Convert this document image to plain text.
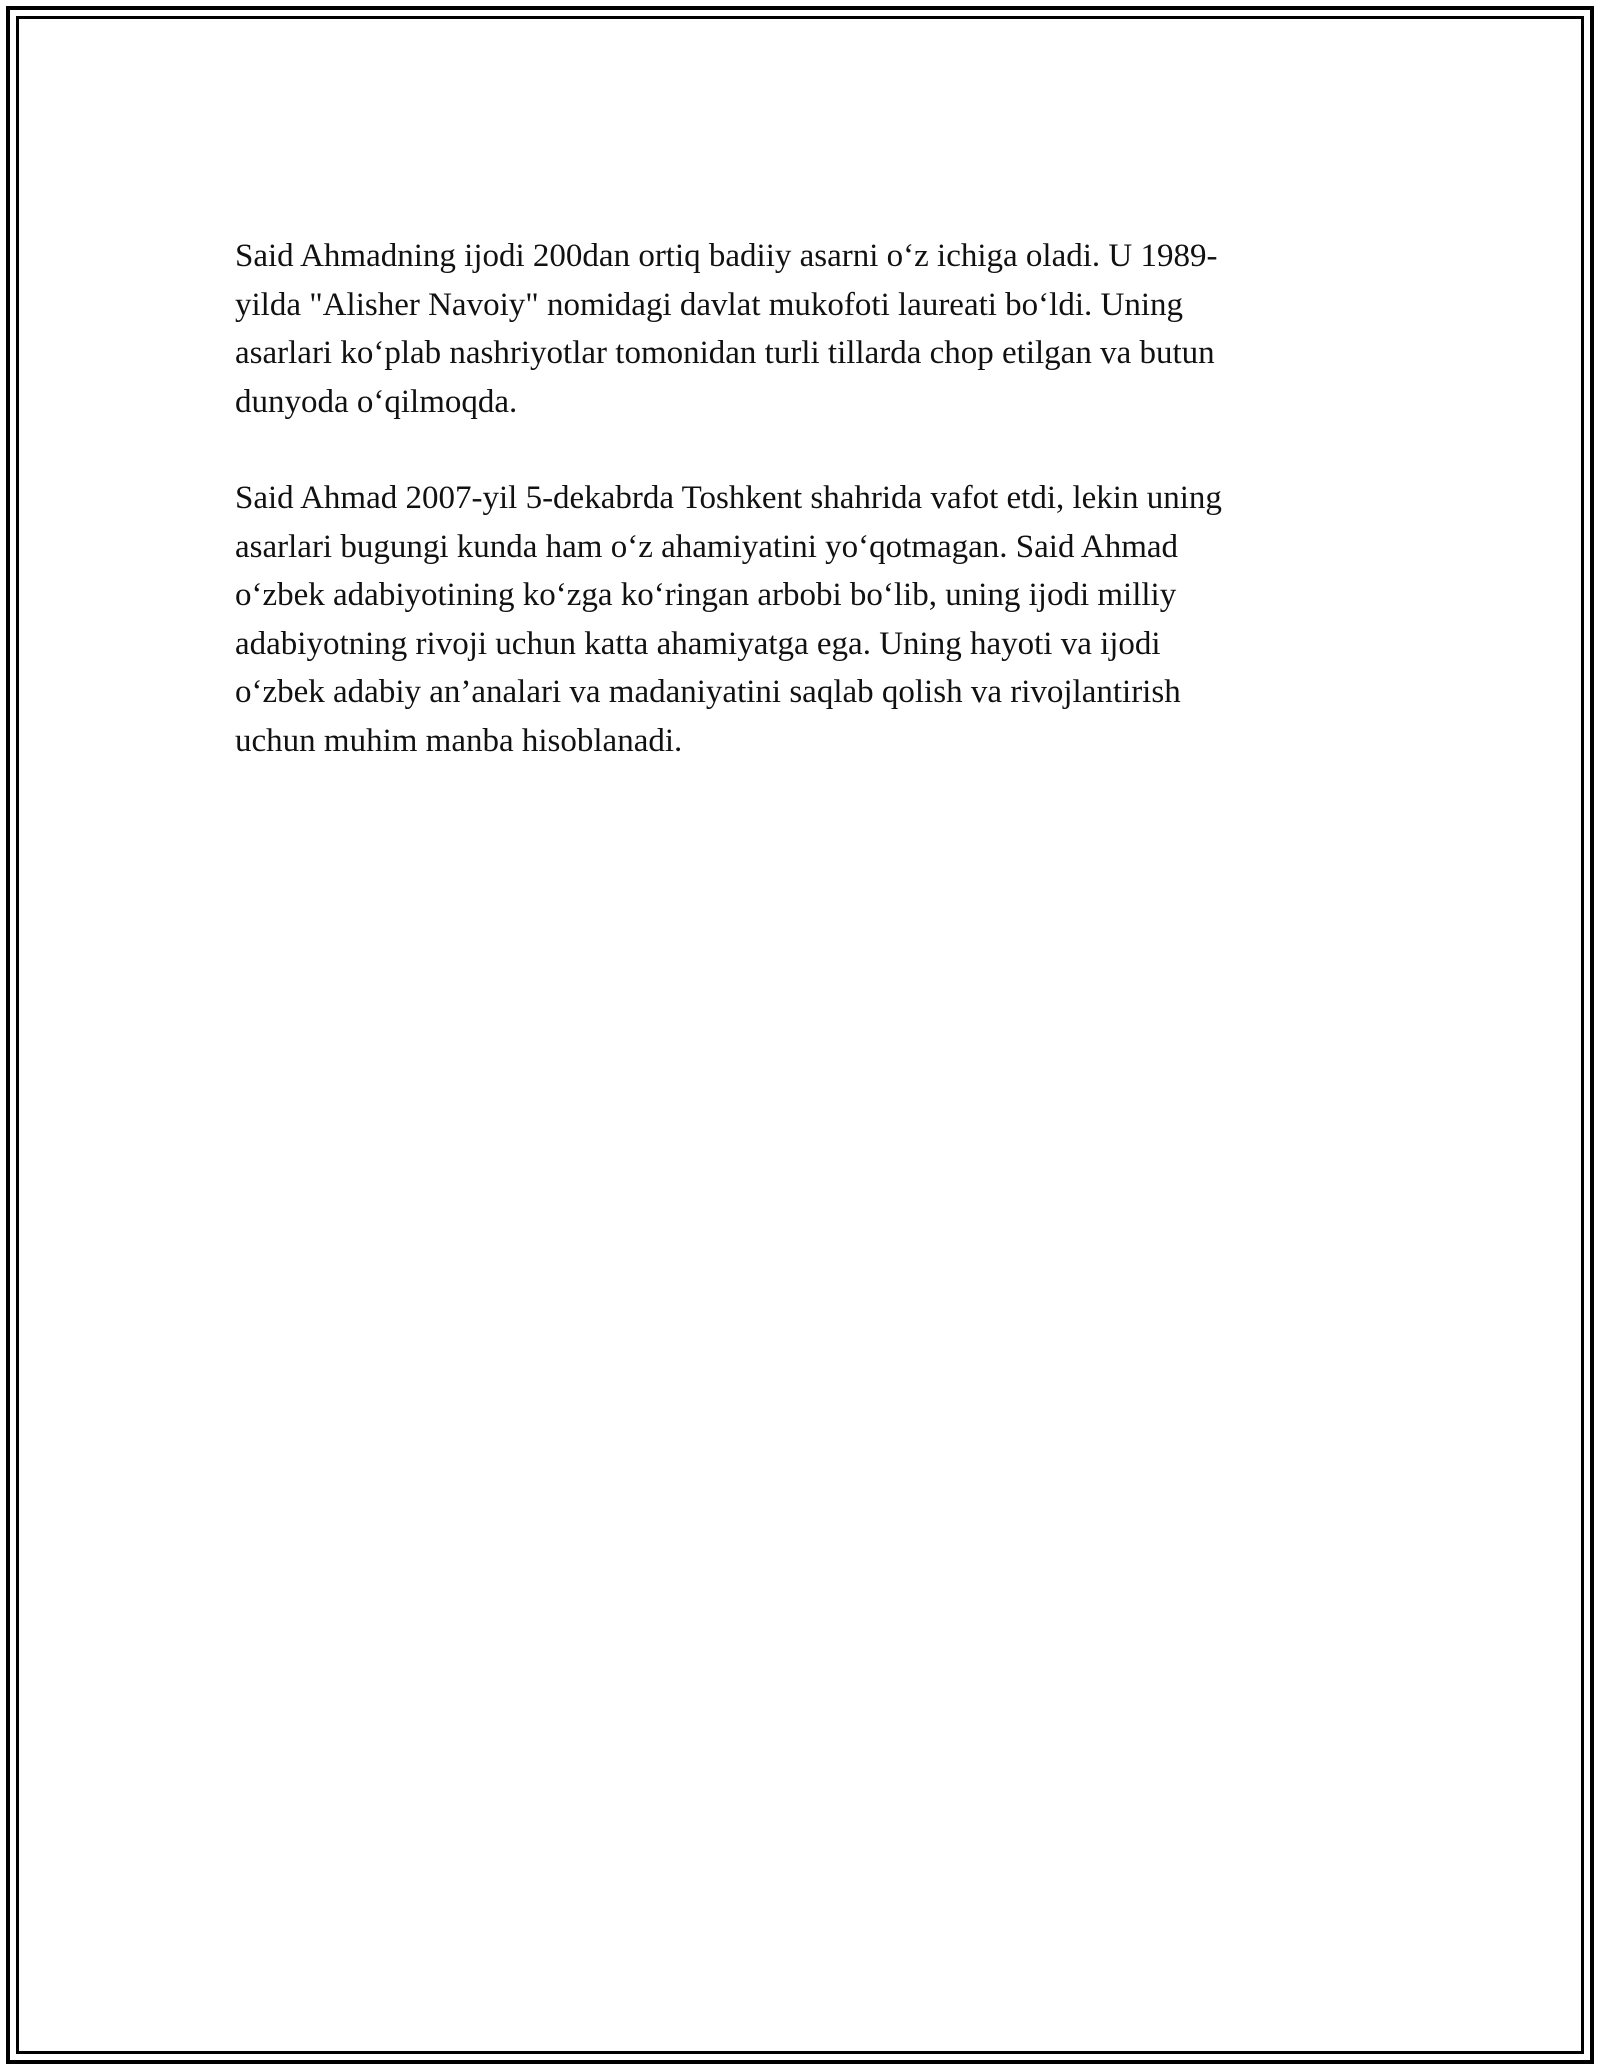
Said Ahmadning ijodi 200dan ortiq badiiy asarni o‘z ichiga oladi. U 1989-
yilda "Alisher Navoiy" nomidagi davlat mukofoti laureati bo‘ldi. Uning
asarlari ko‘plab nashriyotlar tomonidan turli tillarda chop etilgan va butun
dunyoda o‘qilmoqda.

Said Ahmad 2007-yil 5-dekabrda Toshkent shahrida vafot etdi, lekin uning
asarlari bugungi kunda ham o‘z ahamiyatini yo‘qotmagan. Said Ahmad
o‘zbek adabiyotining ko‘zga ko‘ringan arbobi bo‘lib, uning ijodi milliy
adabiyotning rivoji uchun katta ahamiyatga ega. Uning hayoti va ijodi
o‘zbek adabiy an’analari va madaniyatini saqlab qolish va rivojlantirish
uchun muhim manba hisoblanadi.
